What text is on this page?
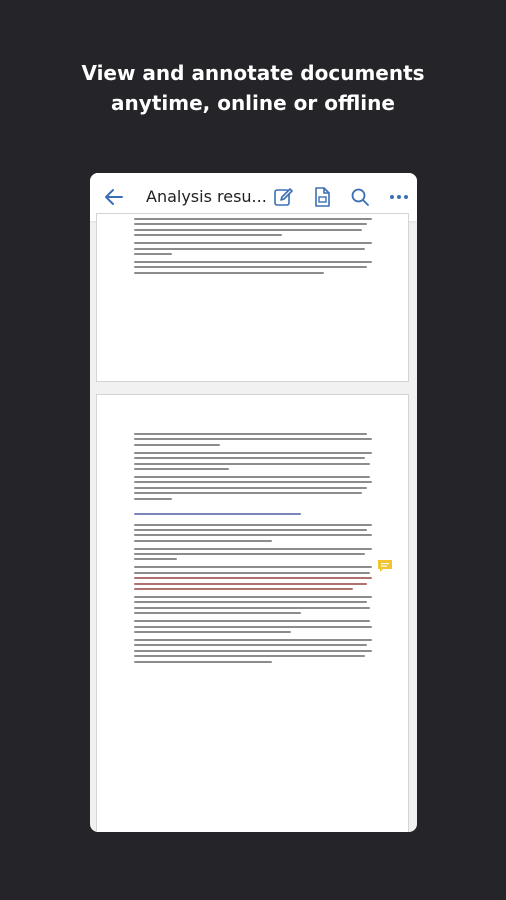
View and annotate documents
anytime, online or offline
Analysis resu...
